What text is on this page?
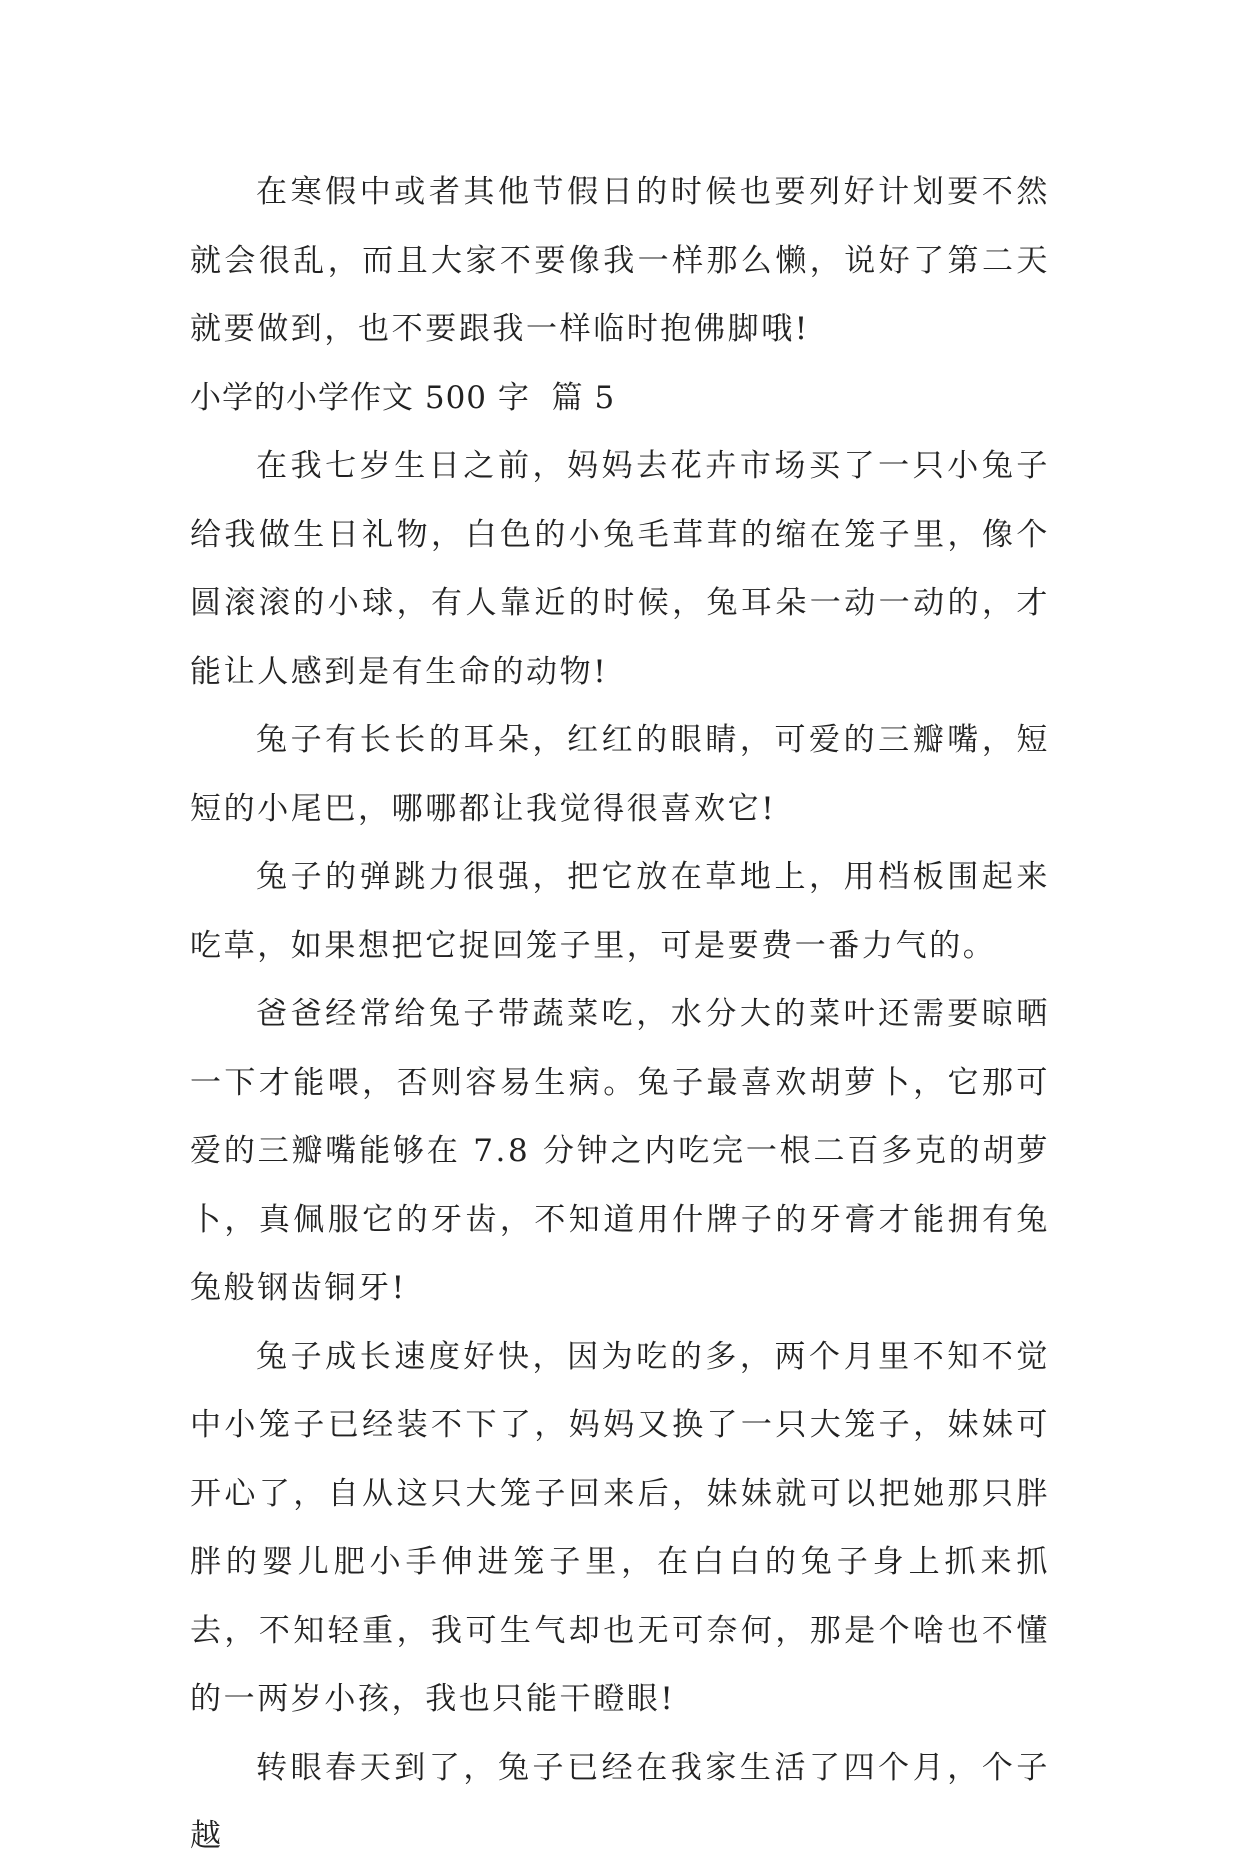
在寒假中或者其他节假日的时候也要列好计划要不然就会很乱，而且大家不要像我一样那么懒，说好了第二天就要做到，也不要跟我一样临时抱佛脚哦!

小学的小学作文 500 字  篇 5

在我七岁生日之前，妈妈去花卉市场买了一只小兔子给我做生日礼物，白色的小兔毛茸茸的缩在笼子里，像个圆滚滚的小球，有人靠近的时候，兔耳朵一动一动的，才能让人感到是有生命的动物!

兔子有长长的耳朵，红红的眼睛，可爱的三瓣嘴，短短的小尾巴，哪哪都让我觉得很喜欢它!

兔子的弹跳力很强，把它放在草地上，用档板围起来吃草，如果想把它捉回笼子里，可是要费一番力气的。

爸爸经常给兔子带蔬菜吃，水分大的菜叶还需要晾晒一下才能喂，否则容易生病。兔子最喜欢胡萝卜，它那可爱的三瓣嘴能够在 7.8 分钟之内吃完一根二百多克的胡萝卜，真佩服它的牙齿，不知道用什牌子的牙膏才能拥有兔兔般钢齿铜牙!

兔子成长速度好快，因为吃的多，两个月里不知不觉中小笼子已经装不下了，妈妈又换了一只大笼子，妹妹可开心了，自从这只大笼子回来后，妹妹就可以把她那只胖胖的婴儿肥小手伸进笼子里，在白白的兔子身上抓来抓去，不知轻重，我可生气却也无可奈何，那是个啥也不懂的一两岁小孩，我也只能干瞪眼!

转眼春天到了，兔子已经在我家生活了四个月，个子越
